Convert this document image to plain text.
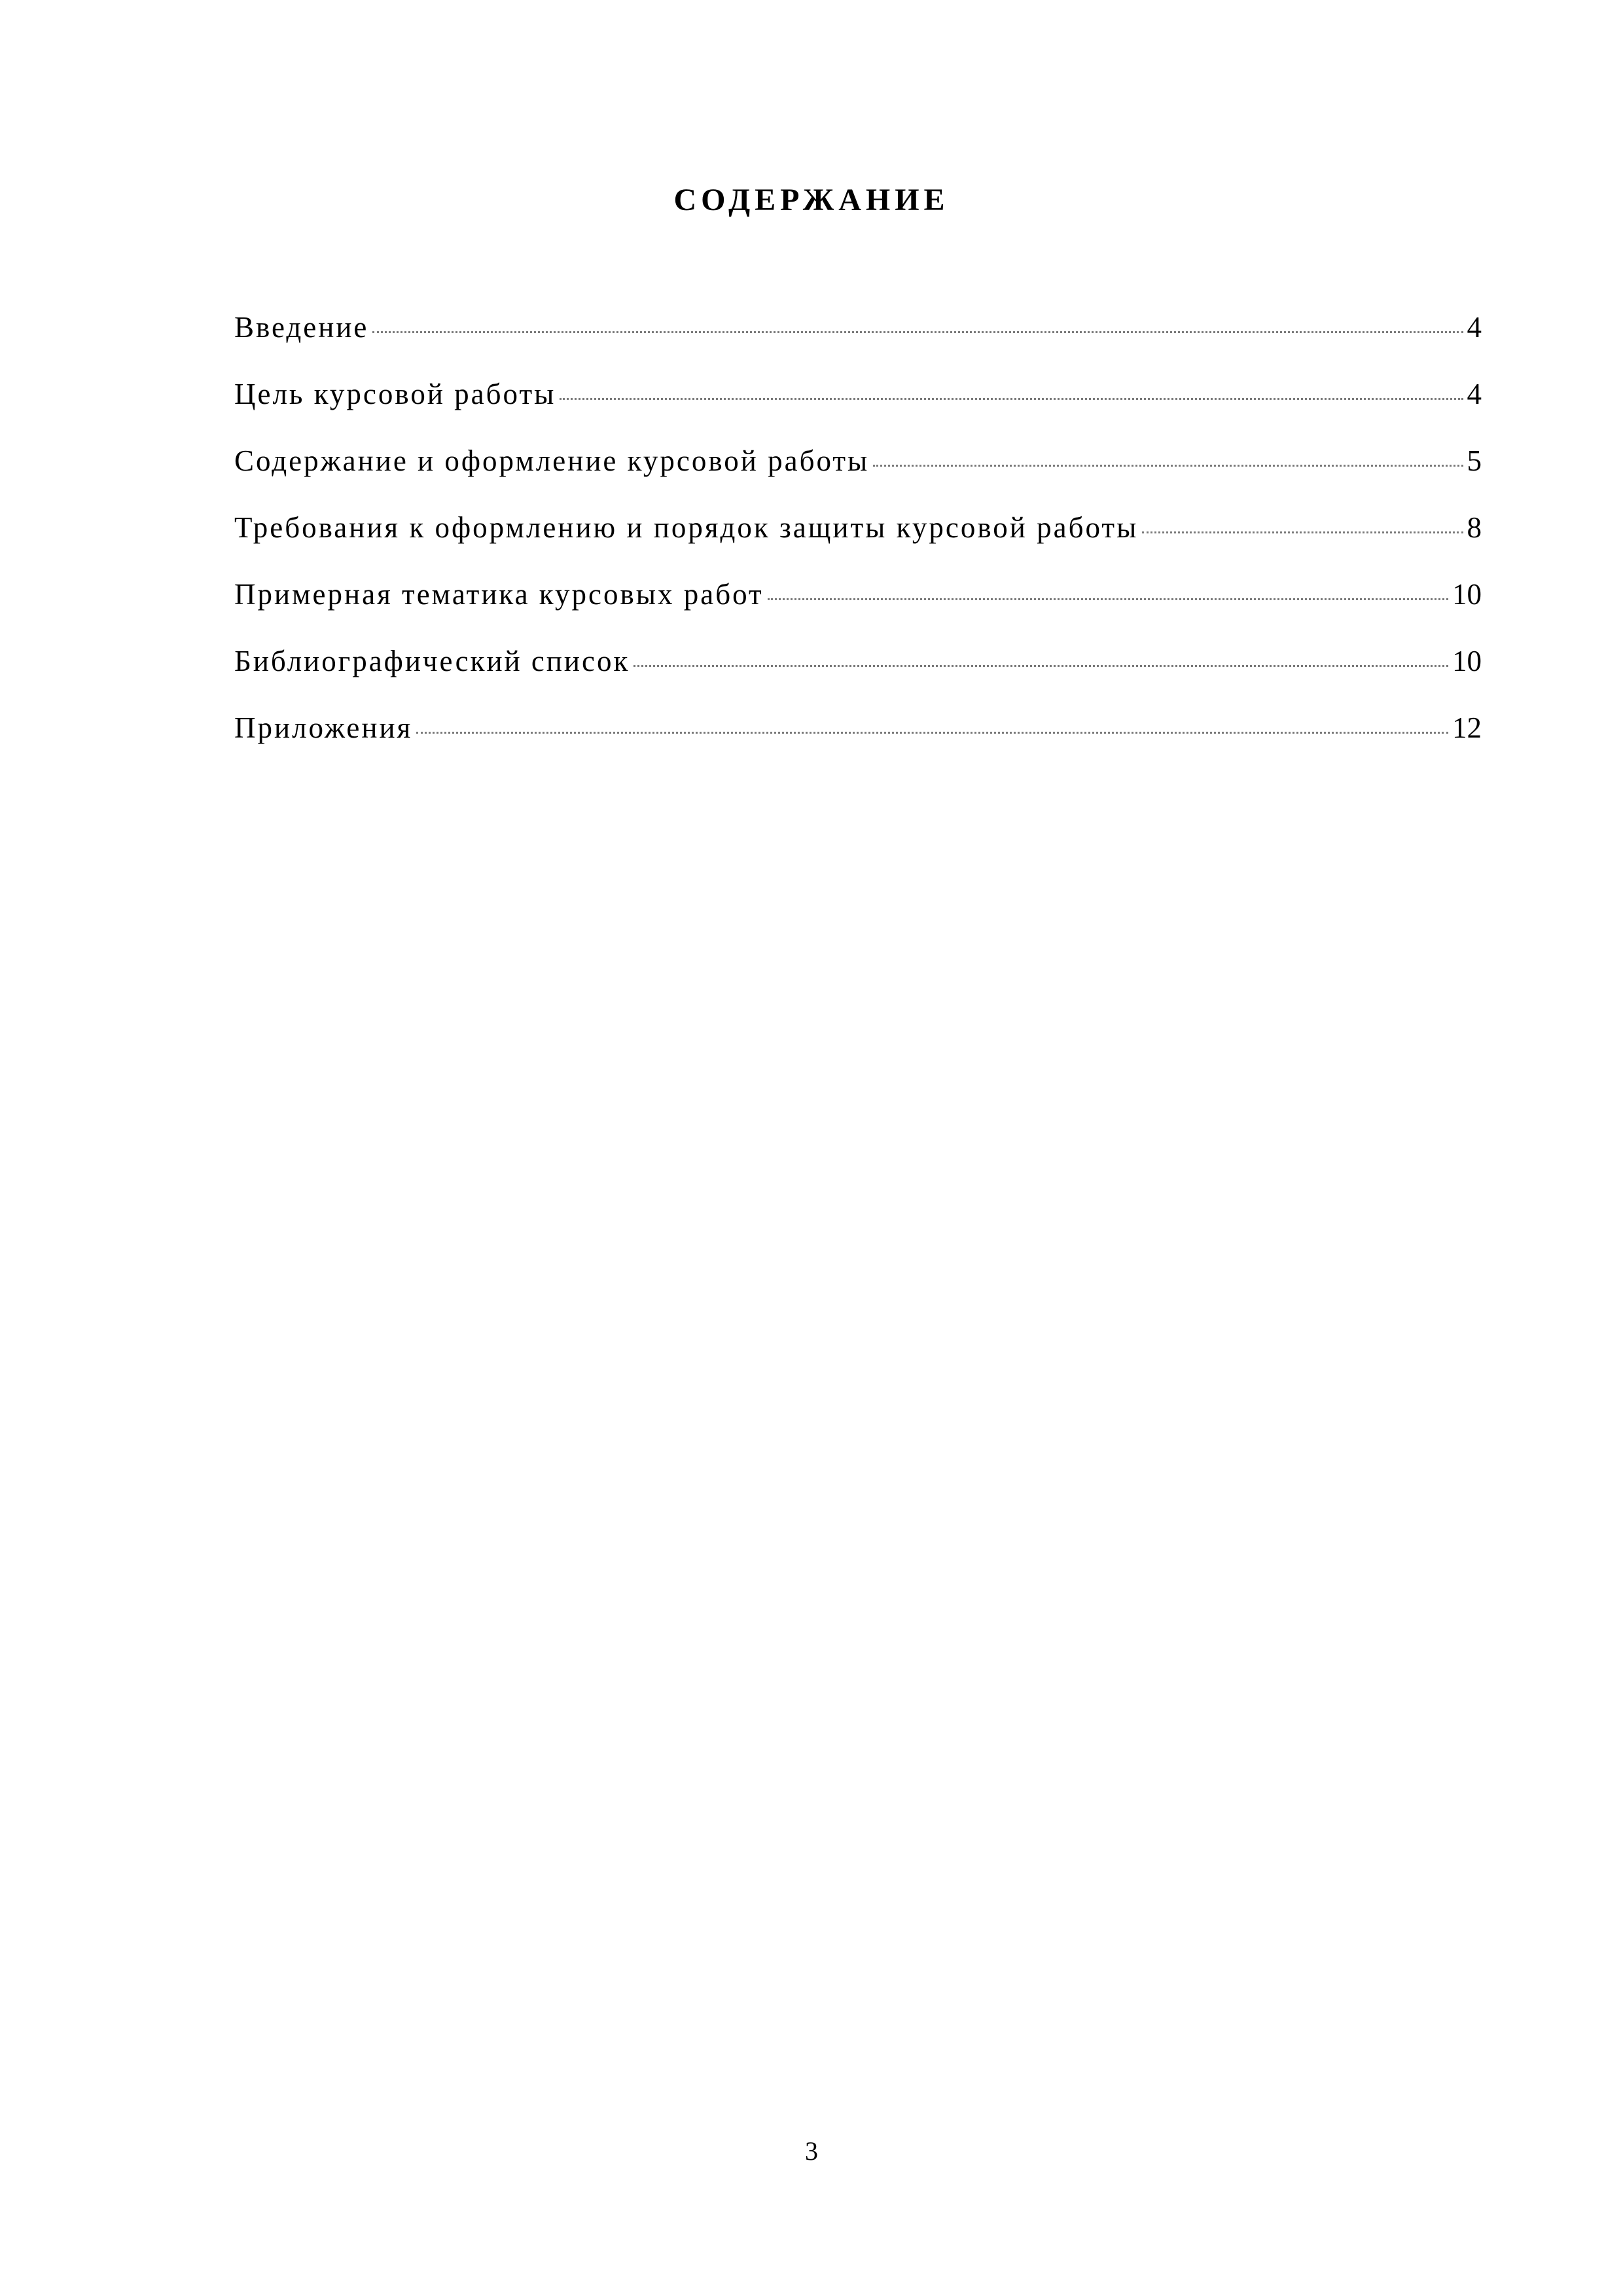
СОДЕРЖАНИЕ
Введение	4
Цель курсовой работы	4
Содержание и оформление курсовой работы	5
Требования к оформлению и порядок защиты курсовой работы	8
Примерная тематика курсовых работ	10
Библиографический список	10
Приложения	12
3
